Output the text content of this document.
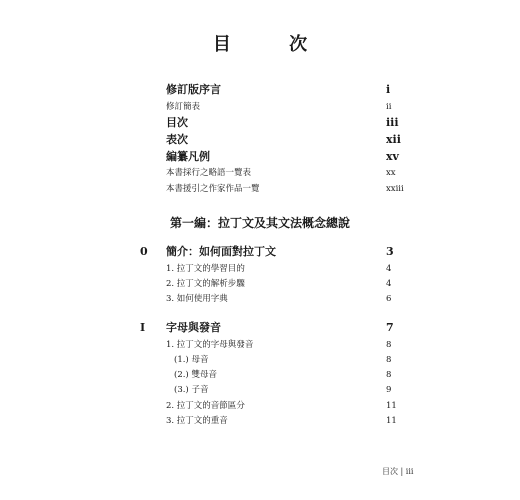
目 次
修訂版序言	i
修訂簡表	ii
目次	iii
表次	xii
編纂凡例	xv
本書採行之略語一覽表	xx
本書援引之作家作品一覽	xxiii
第一編：拉丁文及其文法概念總說
0 簡介：如何面對拉丁文	3
1. 拉丁文的學習目的	4
2. 拉丁文的解析步驟	4
3. 如何使用字典	6
I 字母與發音	7
1. 拉丁文的字母與發音	8
(1.) 母音	8
(2.) 雙母音	8
(3.) 子音	9
2. 拉丁文的音節區分	11
3. 拉丁文的重音	11
目次 | iii
